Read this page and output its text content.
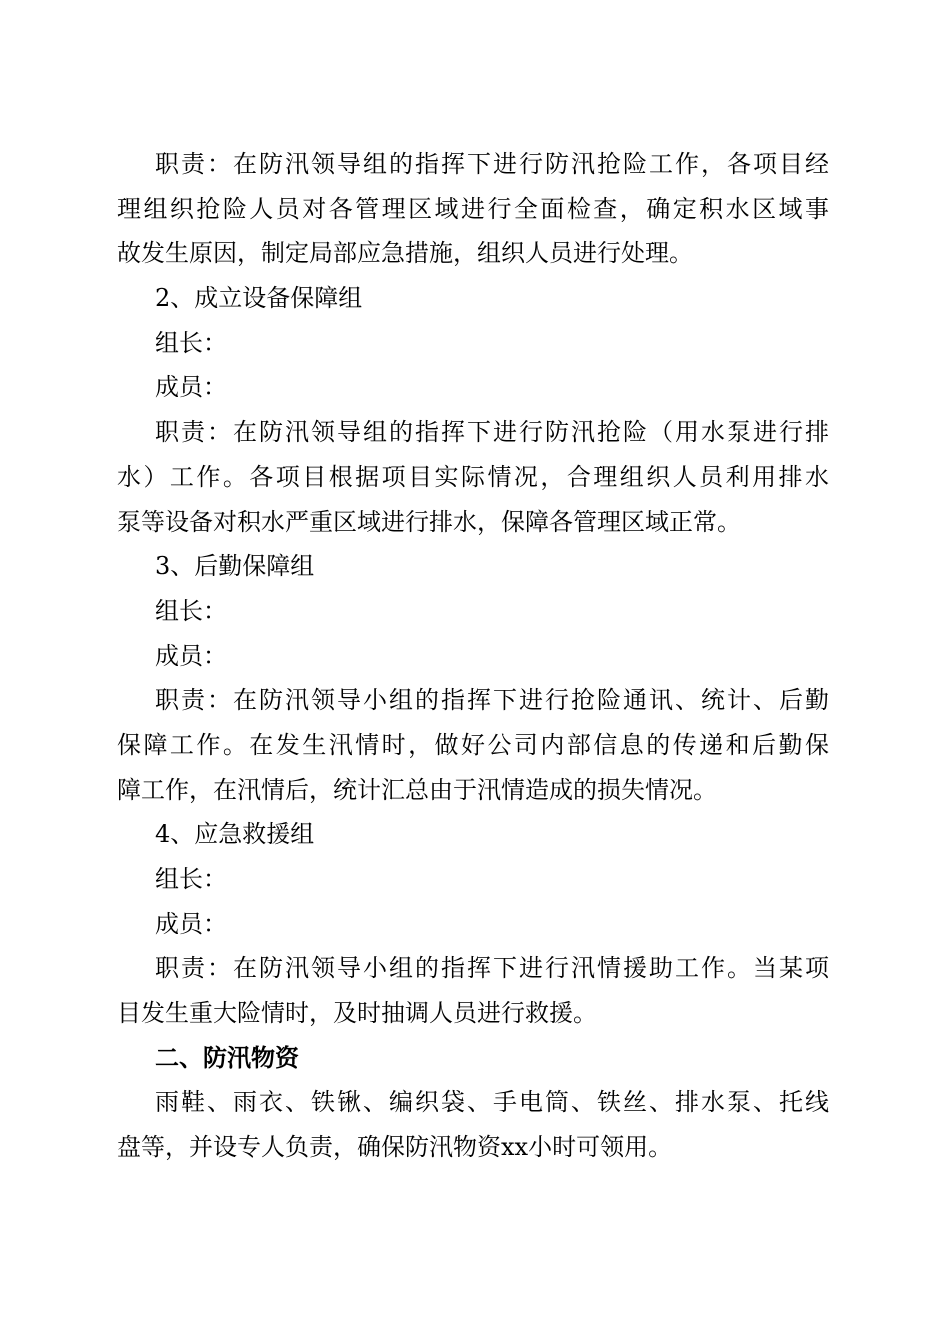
职责：在防汛领导组的指挥下进行防汛抢险工作，各项目经
理组织抢险人员对各管理区域进行全面检查，确定积水区域事
故发生原因，制定局部应急措施，组织人员进行处理。
2、成立设备保障组
组长：
成员：
职责：在防汛领导组的指挥下进行防汛抢险（用水泵进行排
水）工作。各项目根据项目实际情况，合理组织人员利用排水
泵等设备对积水严重区域进行排水，保障各管理区域正常。
3、后勤保障组
组长：
成员：
职责：在防汛领导小组的指挥下进行抢险通讯、统计、后勤
保障工作。在发生汛情时，做好公司内部信息的传递和后勤保
障工作，在汛情后，统计汇总由于汛情造成的损失情况。
4、应急救援组
组长：
成员：
职责：在防汛领导小组的指挥下进行汛情援助工作。当某项
目发生重大险情时，及时抽调人员进行救援。
二、防汛物资
雨鞋、雨衣、铁锹、编织袋、手电筒、铁丝、排水泵、托线
盘等，并设专人负责，确保防汛物资xx小时可领用。
